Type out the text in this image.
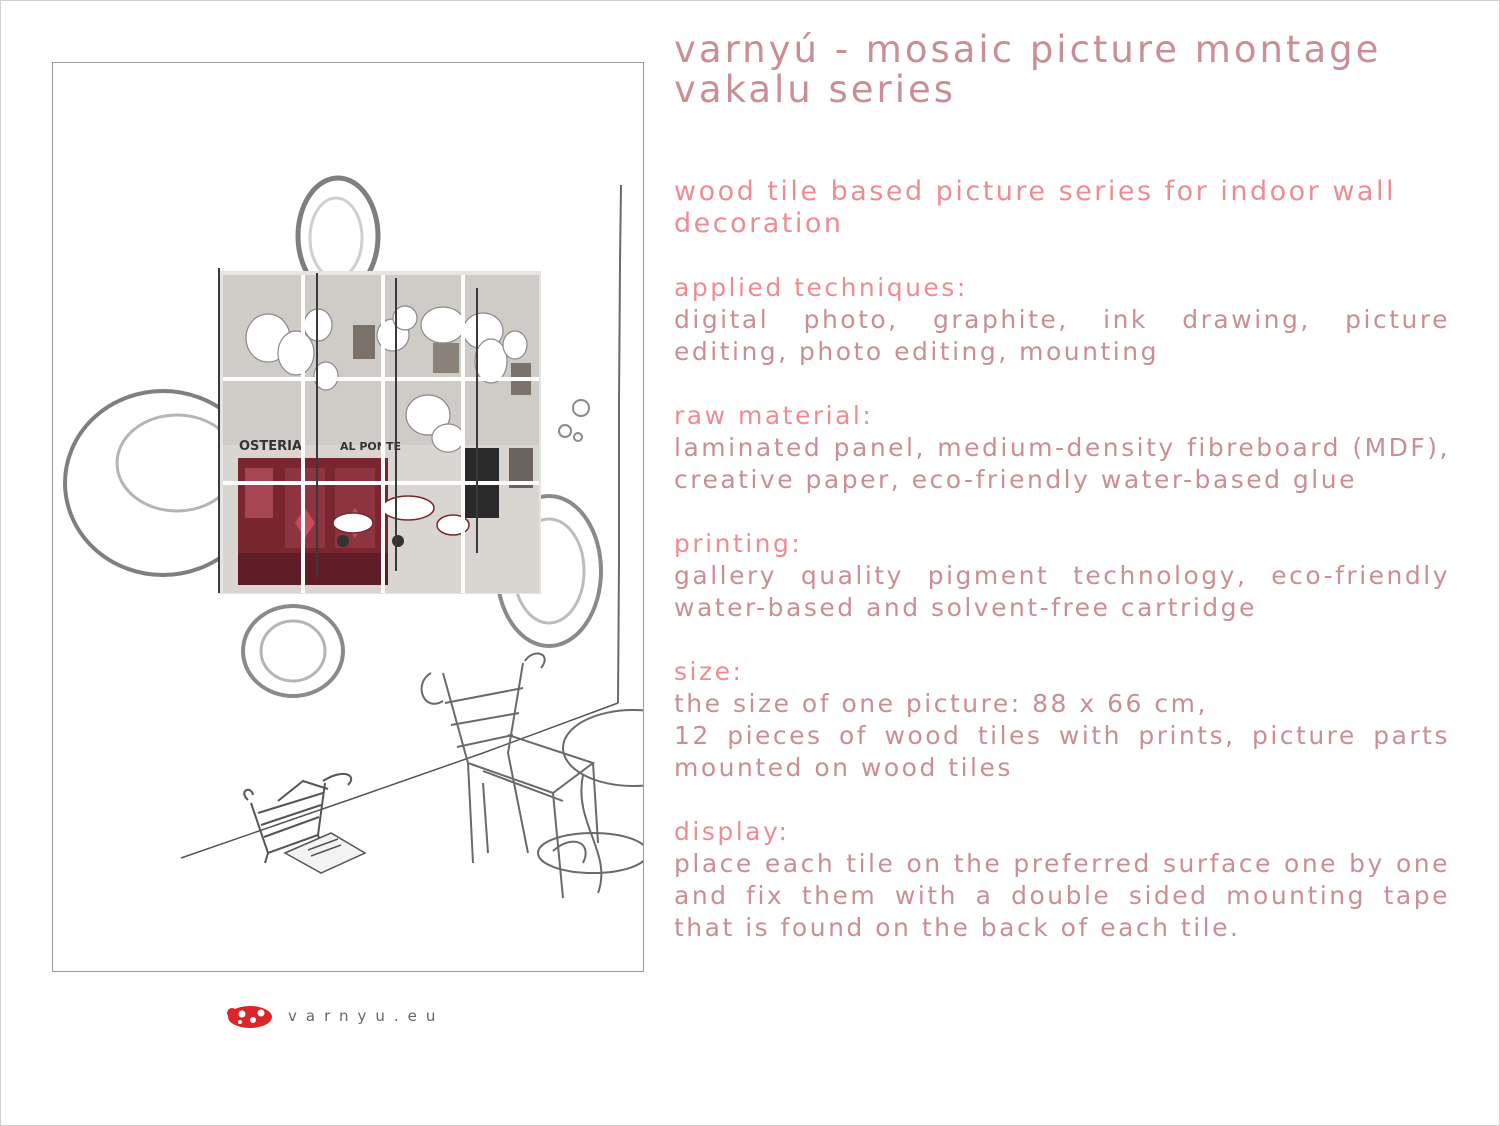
OSTERIA	AL PONTE
varnyú - mosaic picture montage
vakalu series
wood tile based picture series for indoor wall decoration
applied techniques:
digital photo, graphite, ink drawing, picture editing, photo editing, mounting
raw material:
laminated panel, medium-density fibreboard (MDF), creative paper, eco-friendly water-based glue
printing:
gallery quality pigment technology, eco-friendly water-based and solvent-free cartridge
size:
the size of one picture: 88 x 66 cm,
12 pieces of wood tiles with prints, picture parts mounted on wood tiles
display:
place each tile on the preferred surface one by one and fix them with a double sided mounting tape that is found on the back of each tile.
varnyu.eu
